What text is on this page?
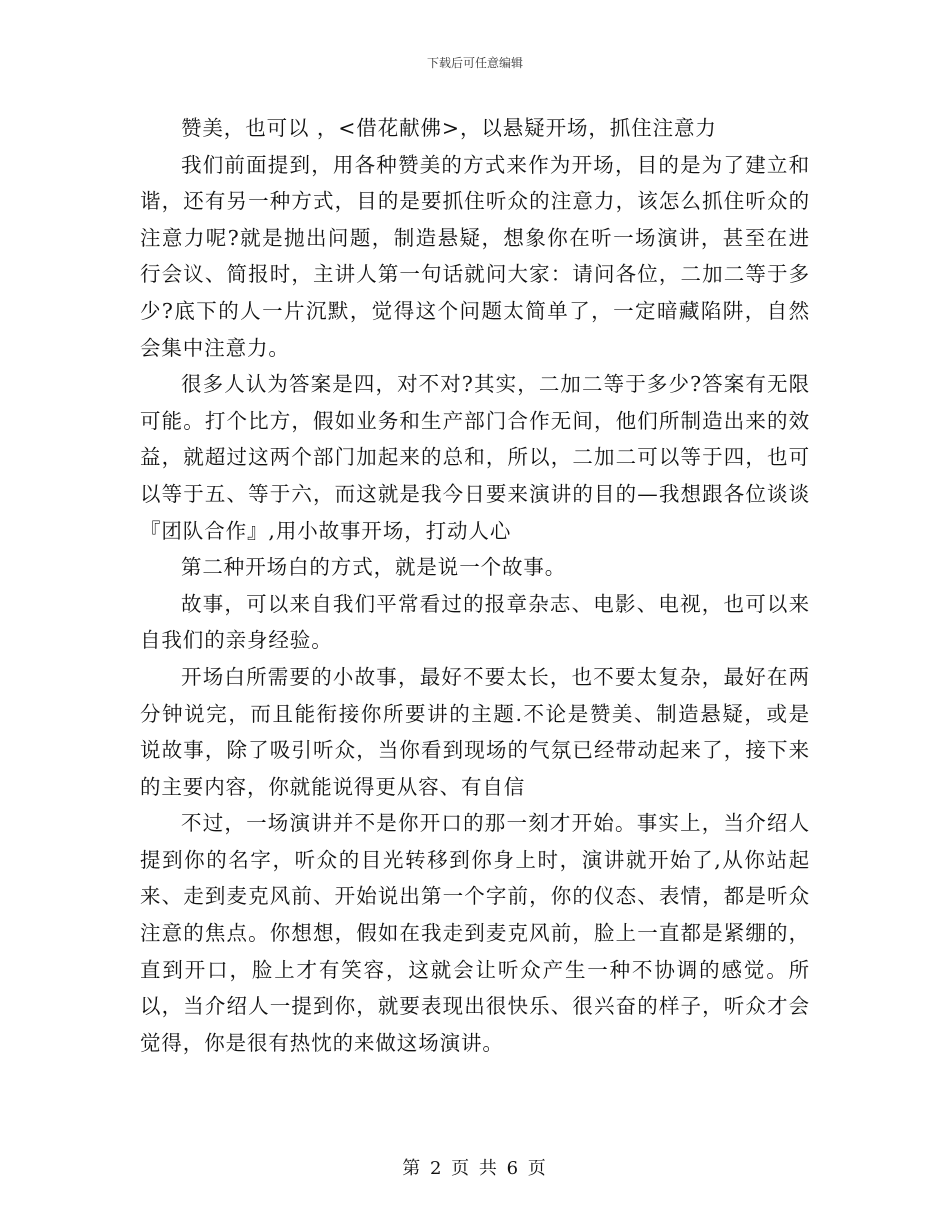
下载后可任意编辑

赞美，也可以 ，<借花献佛>，以悬疑开场，抓住注意力

我们前面提到，用各种赞美的方式来作为开场，目的是为了建立和谐，还有另一种方式，目的是要抓住听众的注意力，该怎么抓住听众的注意力呢?就是抛出问题，制造悬疑，想象你在听一场演讲，甚至在进行会议、简报时，主讲人第一句话就问大家：请问各位，二加二等于多少?底下的人一片沉默，觉得这个问题太简单了，一定暗藏陷阱，自然会集中注意力。

很多人认为答案是四，对不对?其实，二加二等于多少?答案有无限可能。打个比方，假如业务和生产部门合作无间，他们所制造出来的效益，就超过这两个部门加起来的总和，所以，二加二可以等于四，也可以等于五、等于六，而这就是我今日要来演讲的目的—我想跟各位谈谈『团队合作』,用小故事开场，打动人心

第二种开场白的方式，就是说一个故事。

故事，可以来自我们平常看过的报章杂志、电影、电视，也可以来自我们的亲身经验。

开场白所需要的小故事，最好不要太长，也不要太复杂，最好在两分钟说完，而且能衔接你所要讲的主题.不论是赞美、制造悬疑，或是说故事，除了吸引听众，当你看到现场的气氛已经带动起来了，接下来的主要内容，你就能说得更从容、有自信

不过，一场演讲并不是你开口的那一刻才开始。事实上，当介绍人提到你的名字，听众的目光转移到你身上时，演讲就开始了,从你站起来、走到麦克风前、开始说出第一个字前，你的仪态、表情，都是听众注意的焦点。你想想，假如在我走到麦克风前，脸上一直都是紧绷的，直到开口，脸上才有笑容，这就会让听众产生一种不协调的感觉。所以，当介绍人一提到你，就要表现出很快乐、很兴奋的样子，听众才会觉得，你是很有热忱的来做这场演讲。

第 2 页 共 6 页
